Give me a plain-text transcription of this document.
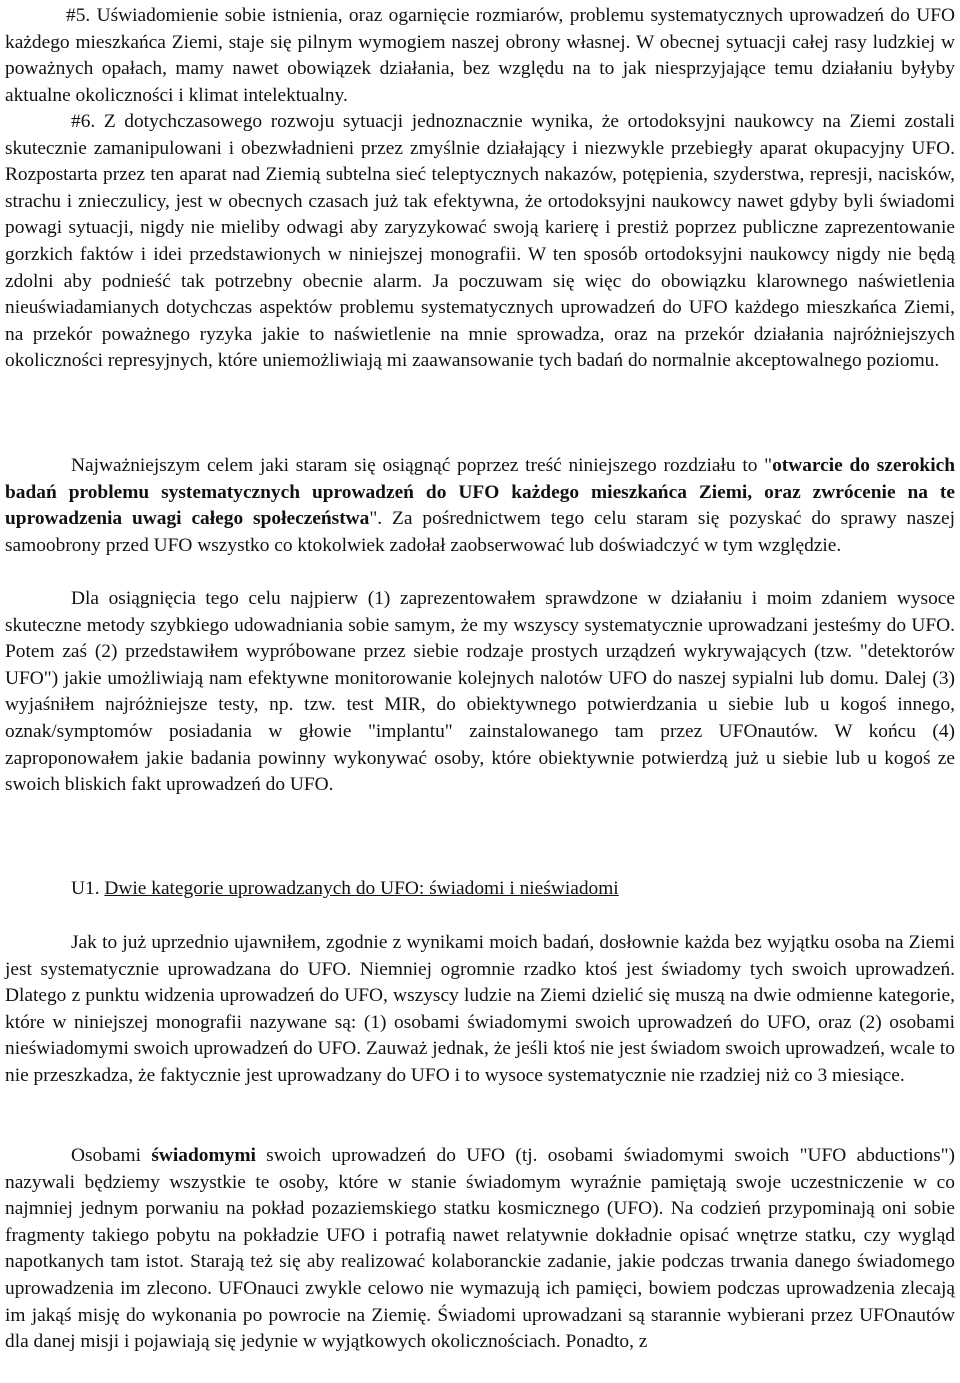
#5. Uświadomienie sobie istnienia, oraz ogarnięcie rozmiarów, problemu systematycznych uprowadzeń do UFO każdego mieszkańca Ziemi, staje się pilnym wymogiem naszej obrony własnej. W obecnej sytuacji całej rasy ludzkiej w poważnych opałach, mamy nawet obowiązek działania, bez względu na to jak niesprzyjające temu działaniu byłyby aktualne okoliczności i klimat intelektualny.

#6. Z dotychczasowego rozwoju sytuacji jednoznacznie wynika, że ortodoksyjni naukowcy na Ziemi zostali skutecznie zamanipulowani i obezwładnieni przez zmyślnie działający i niezwykle przebiegły aparat okupacyjny UFO. Rozpostarta przez ten aparat nad Ziemią subtelna sieć teleptycznych nakazów, potępienia, szyderstwa, represji, nacisków, strachu i znieczulicy, jest w obecnych czasach już tak efektywna, że ortodoksyjni naukowcy nawet gdyby byli świadomi powagi sytuacji, nigdy nie mieliby odwagi aby zaryzykować swoją karierę i prestiż poprzez publiczne zaprezentowanie gorzkich faktów i idei przedstawionych w niniejszej monografii. W ten sposób ortodoksyjni naukowcy nigdy nie będą zdolni aby podnieść tak potrzebny obecnie alarm. Ja poczuwam się więc do obowiązku klarownego naświetlenia nieuświadamianych dotychczas aspektów problemu systematycznych uprowadzeń do UFO każdego mieszkańca Ziemi, na przekór poważnego ryzyka jakie to naświetlenie na mnie sprowadza, oraz na przekór działania najróżniejszych okoliczności represyjnych, które uniemożliwiają mi zaawansowanie tych badań do normalnie akceptowalnego poziomu.

Najważniejszym celem jaki staram się osiągnąć poprzez treść niniejszego rozdziału to "otwarcie do szerokich badań problemu systematycznych uprowadzeń do UFO każdego mieszkańca Ziemi, oraz zwrócenie na te uprowadzenia uwagi całego społeczeństwa". Za pośrednictwem tego celu staram się pozyskać do sprawy naszej samoobrony przed UFO wszystko co ktokolwiek zadołał zaobserwować lub doświadczyć w tym względzie.

Dla osiągnięcia tego celu najpierw (1) zaprezentowałem sprawdzone w działaniu i moim zdaniem wysoce skuteczne metody szybkiego udowadniania sobie samym, że my wszyscy systematycznie uprowadzani jesteśmy do UFO. Potem zaś (2) przedstawiłem wypróbowane przez siebie rodzaje prostych urządzeń wykrywających (tzw. "detektorów UFO") jakie umożliwiają nam efektywne monitorowanie kolejnych nalotów UFO do naszej sypialni lub domu. Dalej (3) wyjaśniłem najróżniejsze testy, np. tzw. test MIR, do obiektywnego potwierdzania u siebie lub u kogoś innego, oznak/symptomów posiadania w głowie "implantu" zainstalowanego tam przez UFOnautów. W końcu (4) zaproponowałem jakie badania powinny wykonywać osoby, które obiektywnie potwierdzą już u siebie lub u kogoś ze swoich bliskich fakt uprowadzeń do UFO.

U1. Dwie kategorie uprowadzanych do UFO: świadomi i nieświadomi

Jak to już uprzednio ujawniłem, zgodnie z wynikami moich badań, dosłownie każda bez wyjątku osoba na Ziemi jest systematycznie uprowadzana do UFO. Niemniej ogromnie rzadko ktoś jest świadomy tych swoich uprowadzeń. Dlatego z punktu widzenia uprowadzeń do UFO, wszyscy ludzie na Ziemi dzielić się muszą na dwie odmienne kategorie, które w niniejszej monografii nazywane są: (1) osobami świadomymi swoich uprowadzeń do UFO, oraz (2) osobami nieświadomymi swoich uprowadzeń do UFO. Zauważ jednak, że jeśli ktoś nie jest świadom swoich uprowadzeń, wcale to nie przeszkadza, że faktycznie jest uprowadzany do UFO i to wysoce systematycznie nie rzadziej niż co 3 miesiące.

Osobami świadomymi swoich uprowadzeń do UFO (tj. osobami świadomymi swoich "UFO abductions") nazywali będziemy wszystkie te osoby, które w stanie świadomym wyraźnie pamiętają swoje uczestniczenie w co najmniej jednym porwaniu na pokład pozaziemskiego statku kosmicznego (UFO). Na codzień przypominają oni sobie fragmenty takiego pobytu na pokładzie UFO i potrafią nawet relatywnie dokładnie opisać wnętrze statku, czy wygląd napotkanych tam istot. Starają też się aby realizować kolaboranckie zadanie, jakie podczas trwania danego świadomego uprowadzenia im zlecono. UFOnauci zwykle celowo nie wymazują ich pamięci, bowiem podczas uprowadzenia zlecają im jakąś misję do wykonania po powrocie na Ziemię. Świadomi uprowadzani są starannie wybierani przez UFOnautów dla danej misji i pojawiają się jedynie w wyjątkowych okolicznościach. Ponadto, z
